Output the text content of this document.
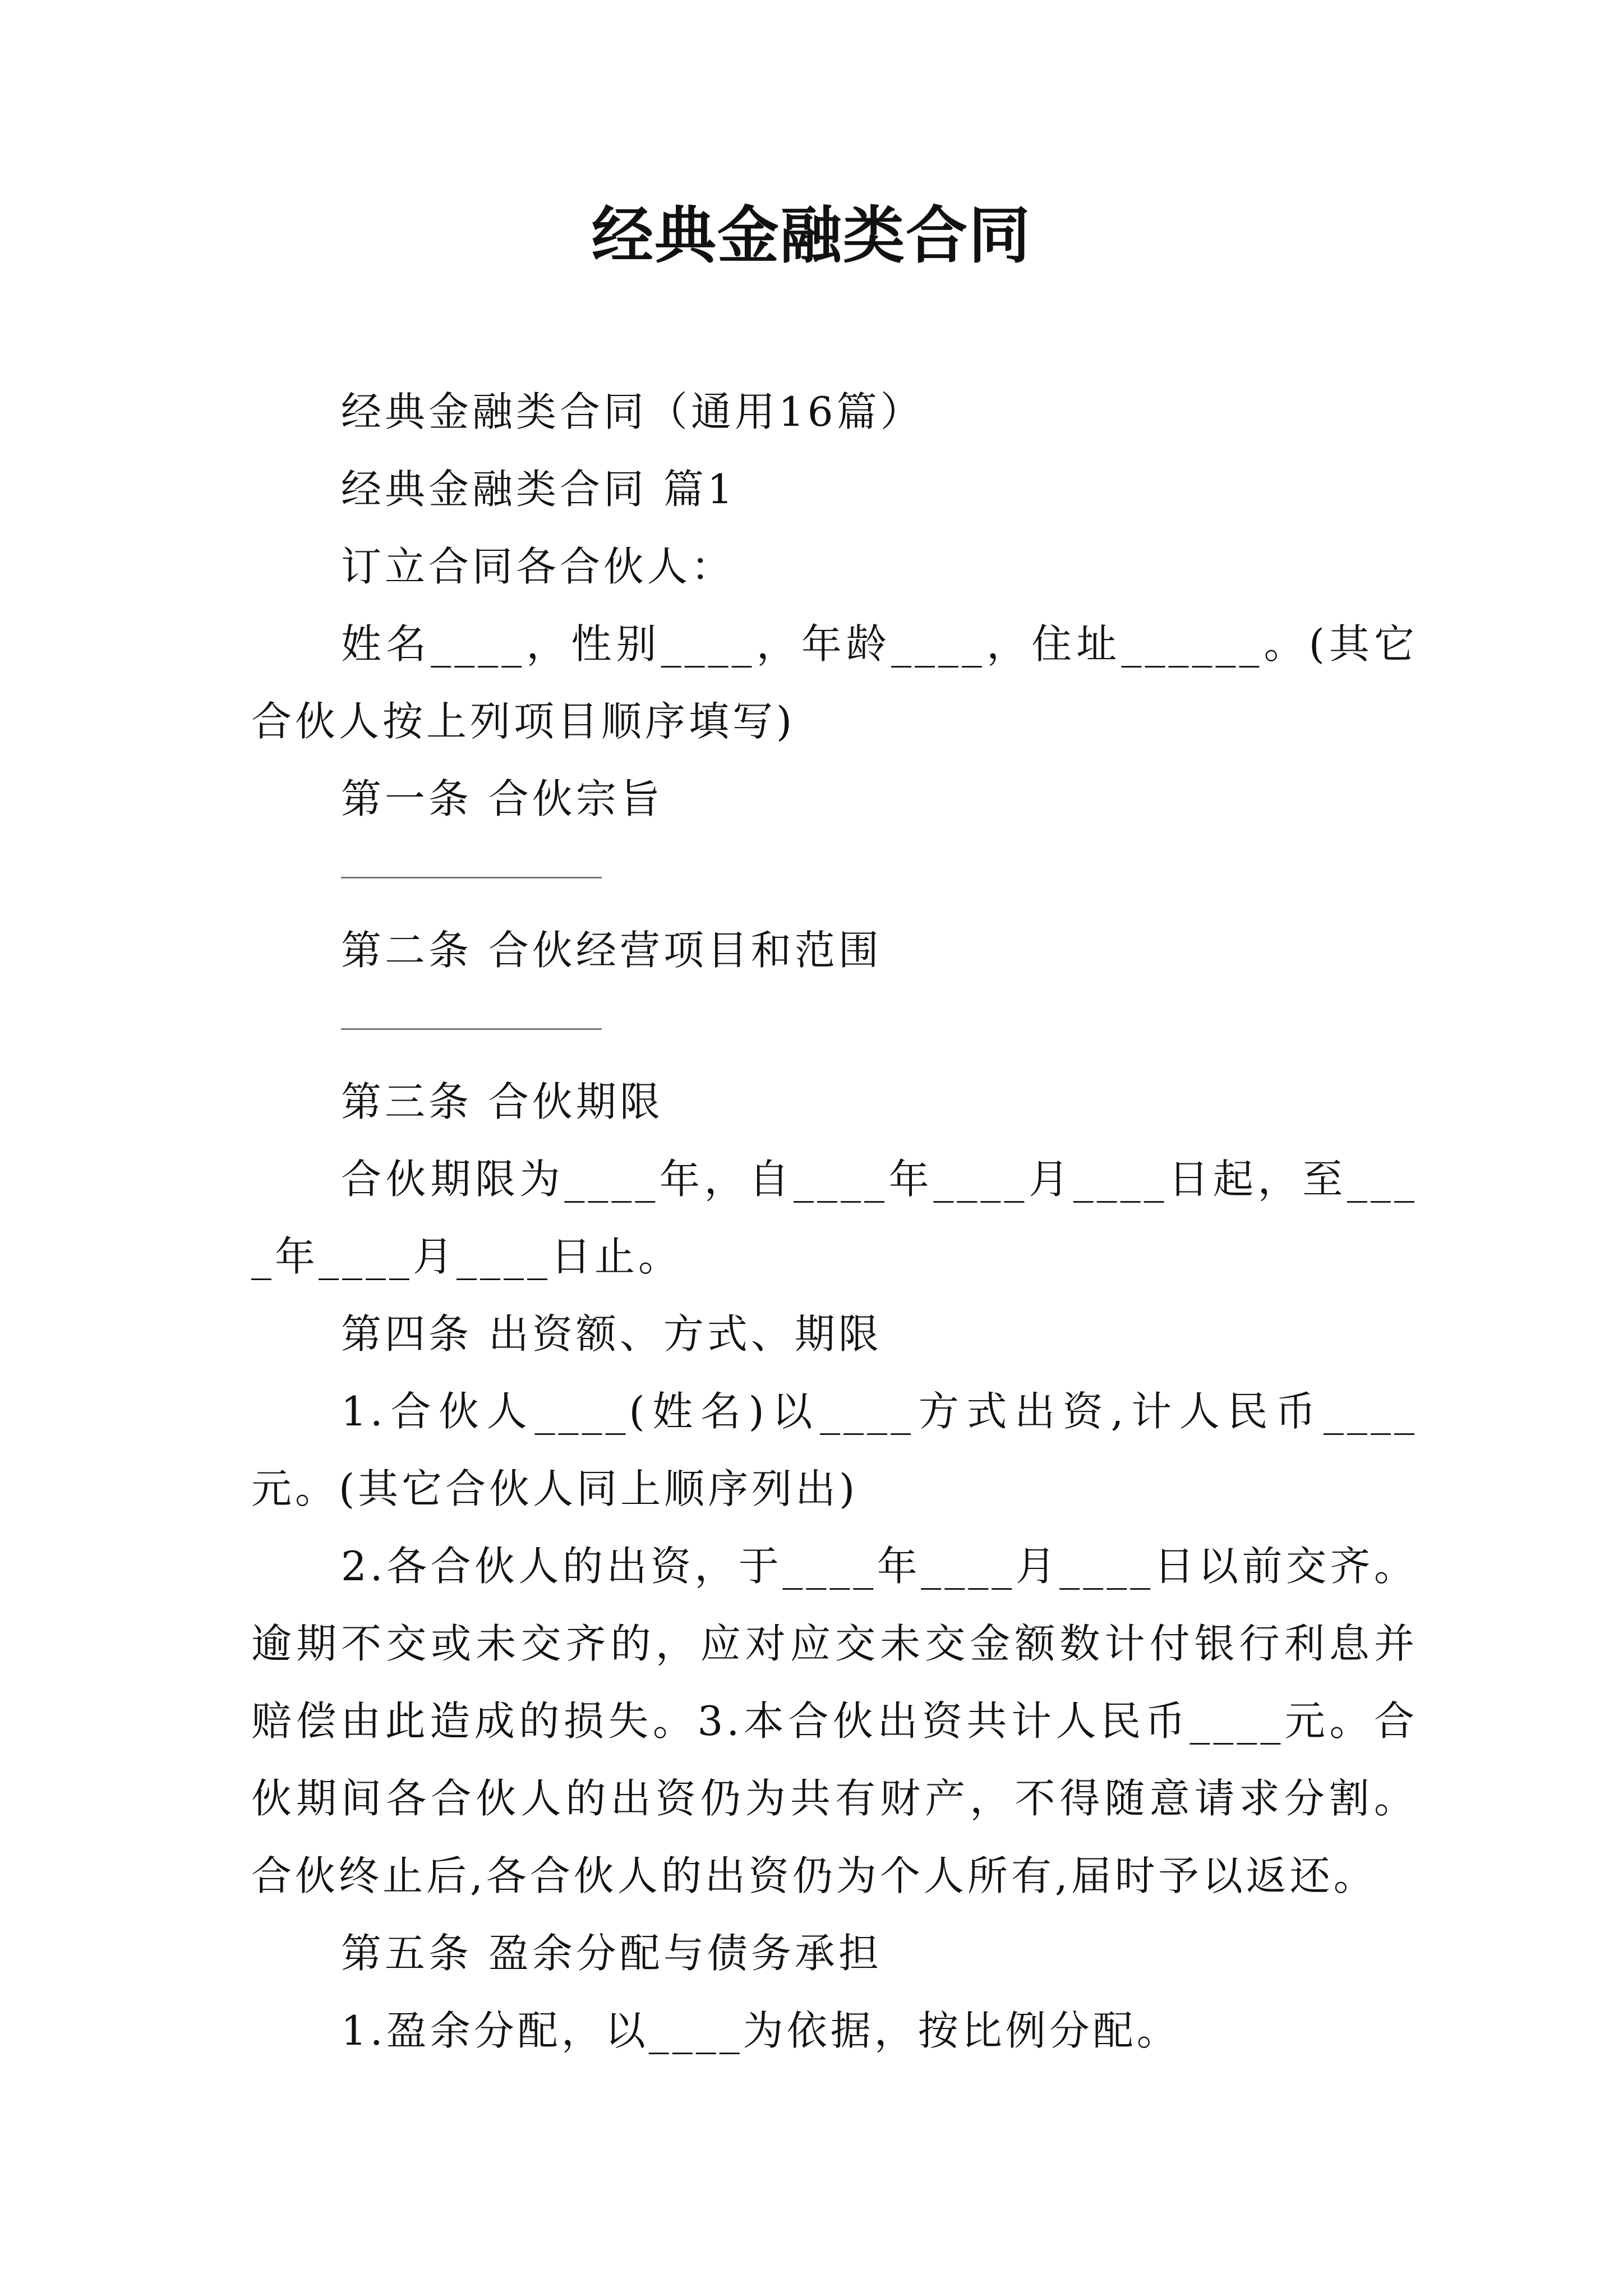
经典金融类合同

经典金融类合同（通用16篇）

经典金融类合同 篇1

订立合同各合伙人：

姓名____，性别____，年龄____，住址______。(其它合伙人按上列项目顺序填写)

第一条 合伙宗旨

第二条 合伙经营项目和范围

第三条 合伙期限

合伙期限为____年，自____年____月____日起，至____年____月____日止。

第四条 出资额、方式、期限

1.合伙人____(姓名)以____方式出资,计人民币____元。(其它合伙人同上顺序列出)

2.各合伙人的出资，于____年____月____日以前交齐。逾期不交或未交齐的，应对应交未交金额数计付银行利息并赔偿由此造成的损失。3.本合伙出资共计人民币____元。合伙期间各合伙人的出资仍为共有财产，不得随意请求分割。合伙终止后,各合伙人的出资仍为个人所有,届时予以返还。

第五条 盈余分配与债务承担

1.盈余分配，以____为依据，按比例分配。
